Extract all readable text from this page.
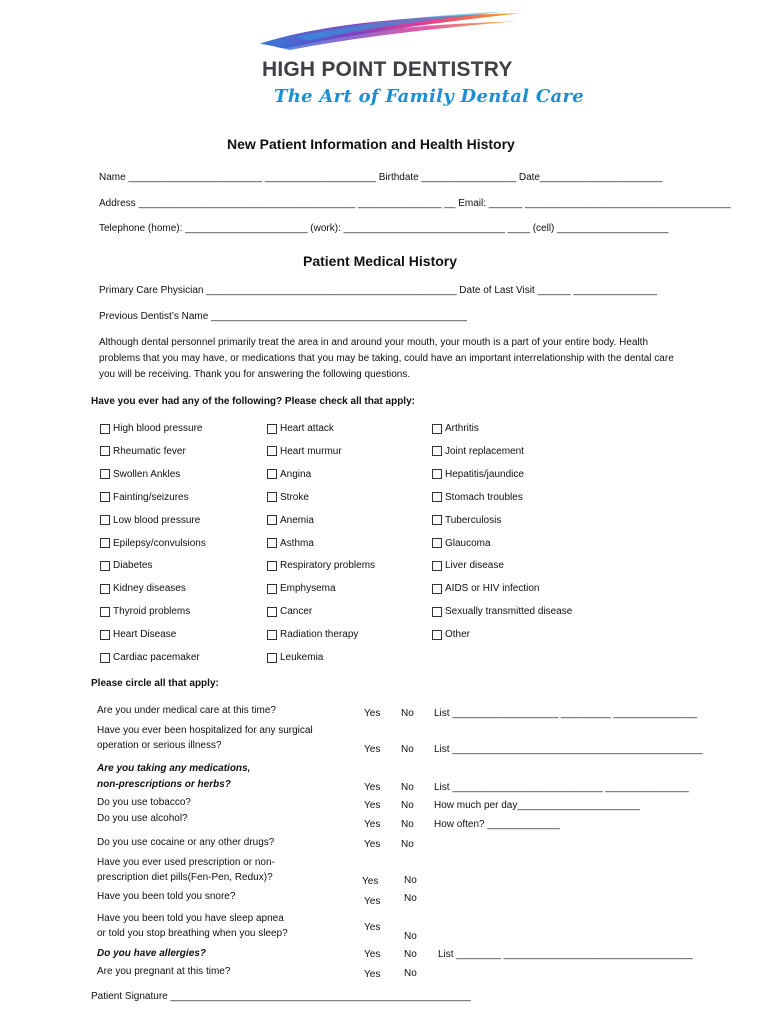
HIGH POINT DENTISTRY
The Art of Family Dental Care
New Patient Information and Health History
Name ________________________ ____________________ Birthdate _________________ Date______________________
Address _______________________________________ _______________ __ Email: ______ _____________________________________
Telephone (home): ______________________ (work): _____________________________ ____ (cell) ____________________
Patient Medical History
Primary Care Physician _____________________________________________ Date of Last Visit ______ _______________
Previous Dentist’s Name ______________________________________________
Although dental personnel primarily treat the area in and around your mouth, your mouth is a part of your entire body. Health problems that you may have, or medications that you may be taking, could have an important interrelationship with the dental care you will be receiving. Thank you for answering the following questions.
Have you ever had any of the following? Please check all that apply:
High blood pressure
Rheumatic fever
Swollen Ankles
Fainting/seizures
Low blood pressure
Epilepsy/convulsions
Diabetes
Kidney diseases
Thyroid problems
Heart Disease
Cardiac pacemaker
Heart attack
Heart murmur
Angina
Stroke
Anemia
Asthma
Respiratory problems
Emphysema
Cancer
Radiation therapy
Leukemia
Arthritis
Joint replacement
Hepatitis/jaundice
Stomach troubles
Tuberculosis
Glaucoma
Liver disease
AIDS or HIV infection
Sexually transmitted disease
Other
Please circle all that apply:
Are you under medical care at this time?	Yes No List ___________________ _________ _______________
Have you ever been hospitalized for any surgical
operation or serious illness?	Yes No List _____________________________________________
Are you taking any medications,
non-prescriptions or herbs?	Yes No List ___________________________ _______________
Do you use tobacco?	Yes No How much per day______________________
Do you use alcohol?
Yes No How often? _____________
Do you use cocaine or any other drugs?	Yes No
Have you ever used prescription or non-
prescription diet pills(Fen-Pen, Redux)?	Yes	No
Have you been told you snore?	Yes No
Have you been told you have sleep apnea
or told you stop breathing when you sleep?
Yes
No
Do you have allergies?	Yes No List ________ __________________________________
Are you pregnant at this time?	Yes No
Patient Signature ______________________________________________________
